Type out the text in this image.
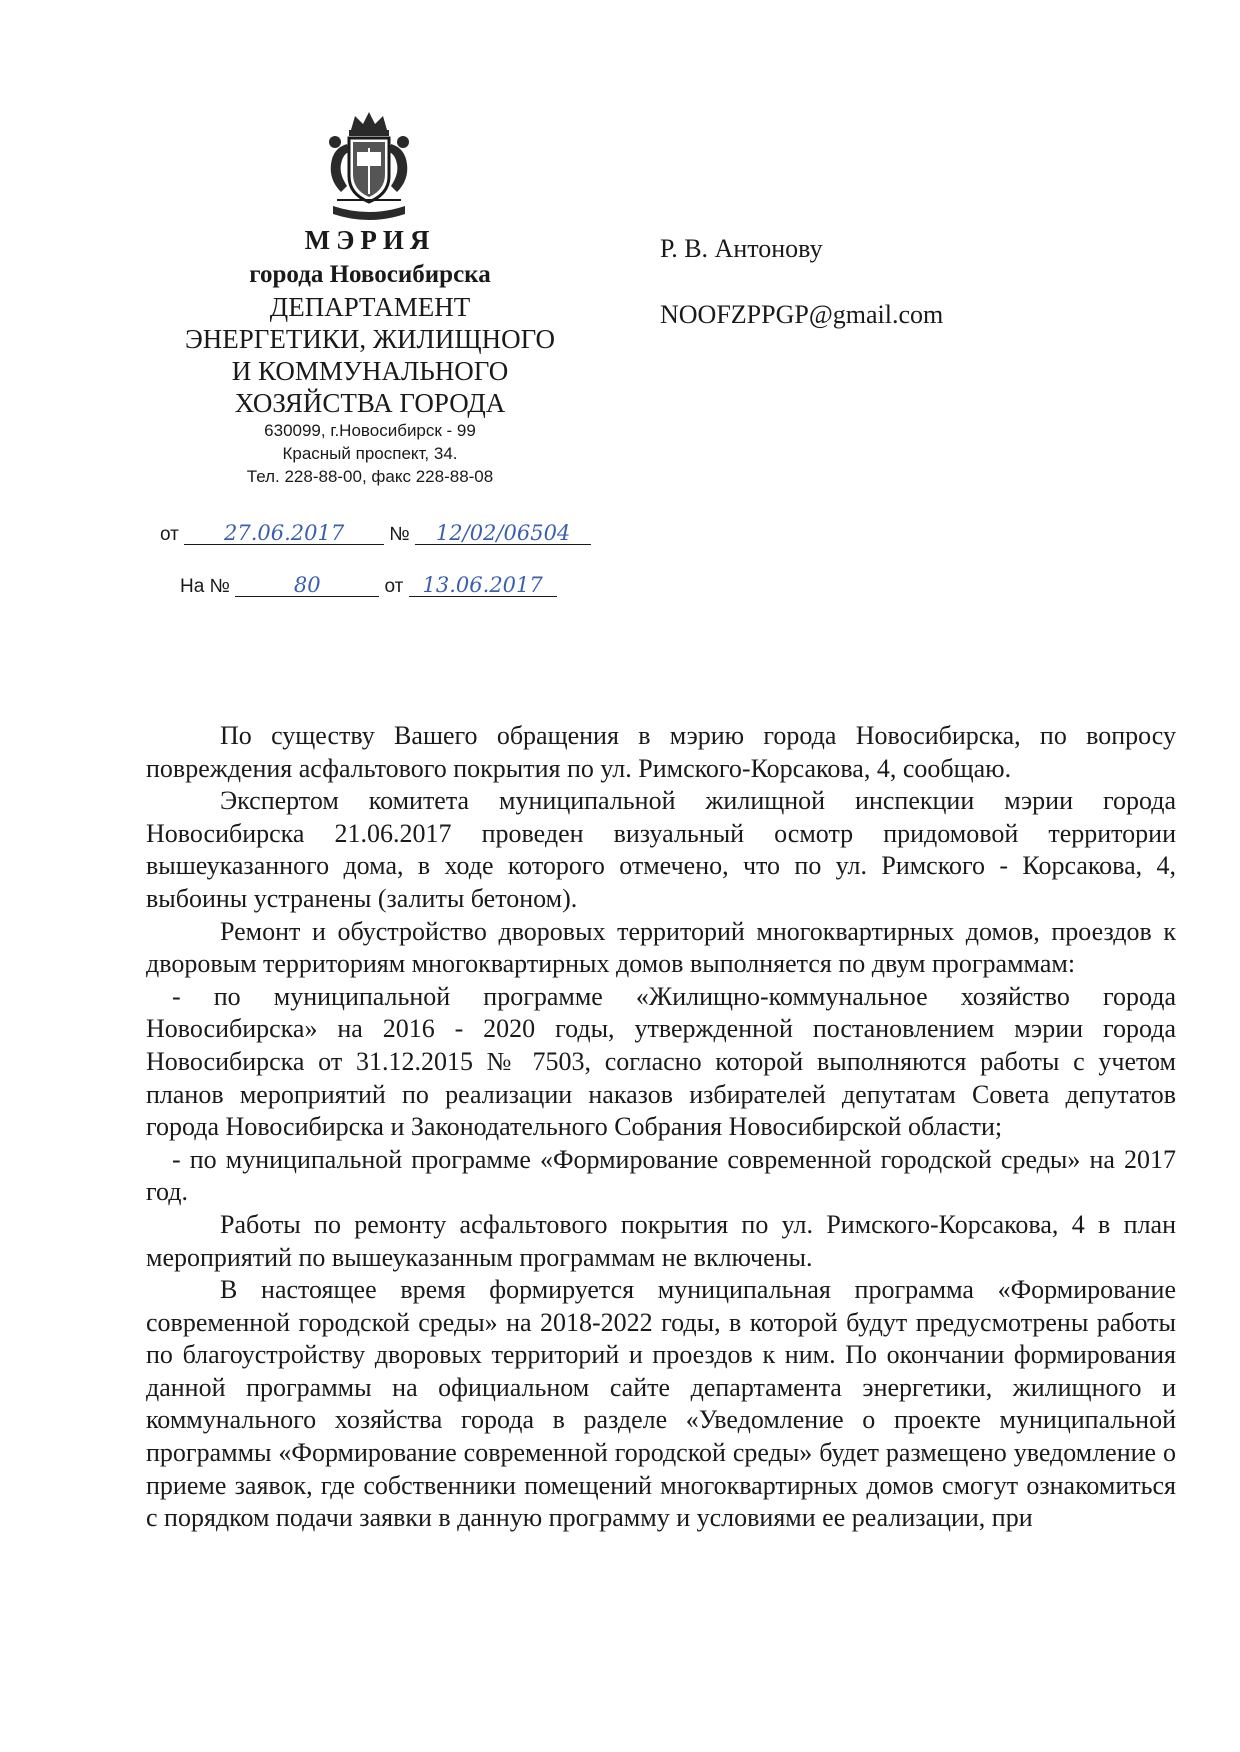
МЭРИЯ

города Новосибирска

ДЕПАРТАМЕНТ

ЭНЕРГЕТИКИ, ЖИЛИЩНОГО

И КОММУНАЛЬНОГО

ХОЗЯЙСТВА ГОРОДА

630099, г.Новосибирск - 99

Красный проспект, 34.

Тел. 228-88-00, факс 228-88-08

от 27.06.2017 № 12/02/06504
На №	80	от 13.06.2017

Р. В. Антонову

NOOFZPPGP@gmail.com

По существу Вашего обращения в мэрию города Новосибирска, по вопросу повреждения асфальтового покрытия по ул. Римского-Корсакова, 4, сообщаю.

Экспертом комитета муниципальной жилищной инспекции мэрии города Новосибирска 21.06.2017 проведен визуальный осмотр придомовой территории вышеуказанного дома, в ходе которого отмечено, что по ул. Римского - Корсакова, 4, выбоины устранены (залиты бетоном).

Ремонт и обустройство дворовых территорий многоквартирных домов, проездов к дворовым территориям многоквартирных домов выполняется по двум программам:

- по муниципальной программе «Жилищно-коммунальное хозяйство города Новосибирска» на 2016 - 2020 годы, утвержденной постановлением мэрии города Новосибирска от 31.12.2015 № 7503, согласно которой выполняются работы с учетом планов мероприятий по реализации наказов избирателей депутатам Совета депутатов города Новосибирска и Законодательного Собрания Новосибирской области;

- по муниципальной программе «Формирование современной городской среды» на 2017 год.

Работы по ремонту асфальтового покрытия по ул. Римского-Корсакова, 4 в план мероприятий по вышеуказанным программам не включены.

В настоящее время формируется муниципальная программа «Формирование современной городской среды» на 2018-2022 годы, в которой будут предусмотрены работы по благоустройству дворовых территорий и проездов к ним. По окончании формирования данной программы на официальном сайте департамента энергетики, жилищного и коммунального хозяйства города в разделе «Уведомление о проекте муниципальной программы «Формирование современной городской среды» будет размещено уведомление о приеме заявок, где собственники помещений многоквартирных домов смогут ознакомиться с порядком подачи заявки в данную программу и условиями ее реализации, при
